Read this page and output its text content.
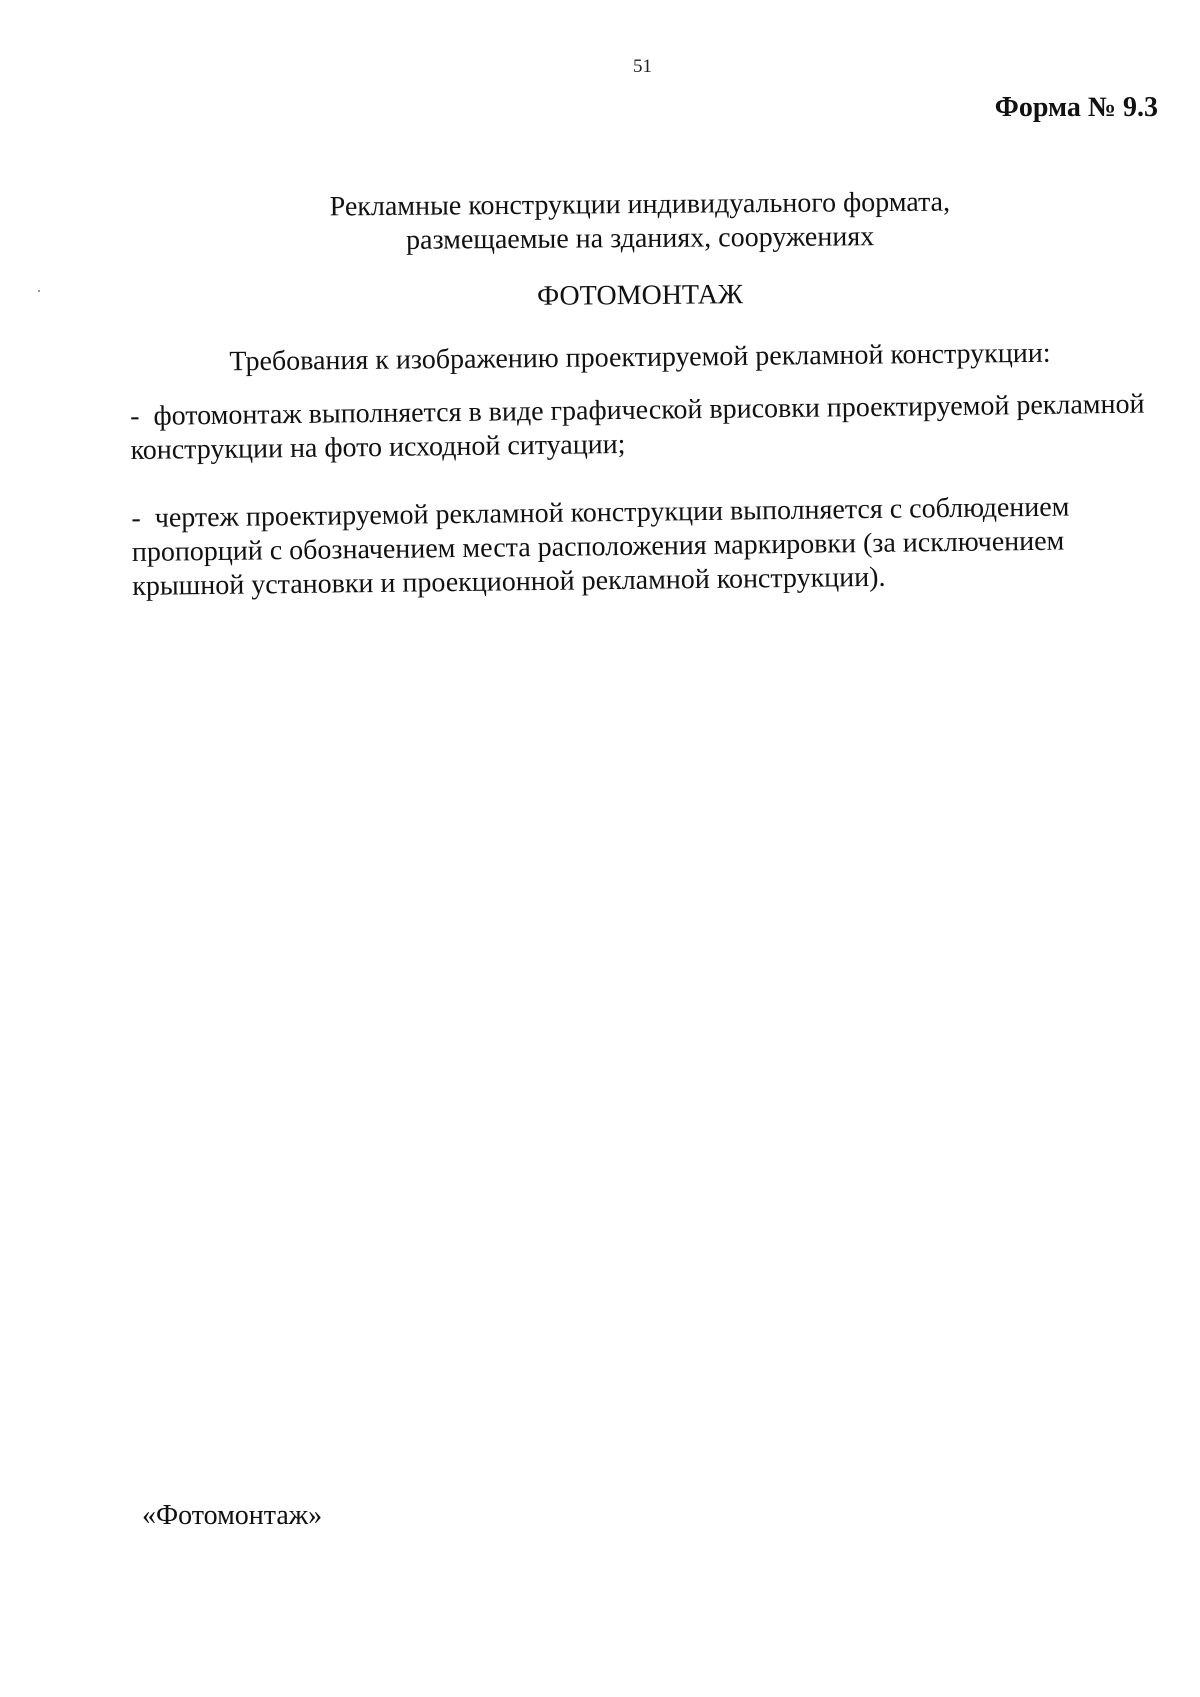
51
Форма № 9.3
Рекламные конструкции индивидуального формата,
размещаемые на зданиях, сооружениях
ФОТОМОНТАЖ
Требования к изображению проектируемой рекламной конструкции:
- фотомонтаж выполняется в виде графической врисовки проектируемой рекламной конструкции на фото исходной ситуации;
- чертеж проектируемой рекламной конструкции выполняется с соблюдением пропорций с обозначением места расположения маркировки (за исключением крышной установки и проекционной рекламной конструкции).
«Фотомонтаж»
